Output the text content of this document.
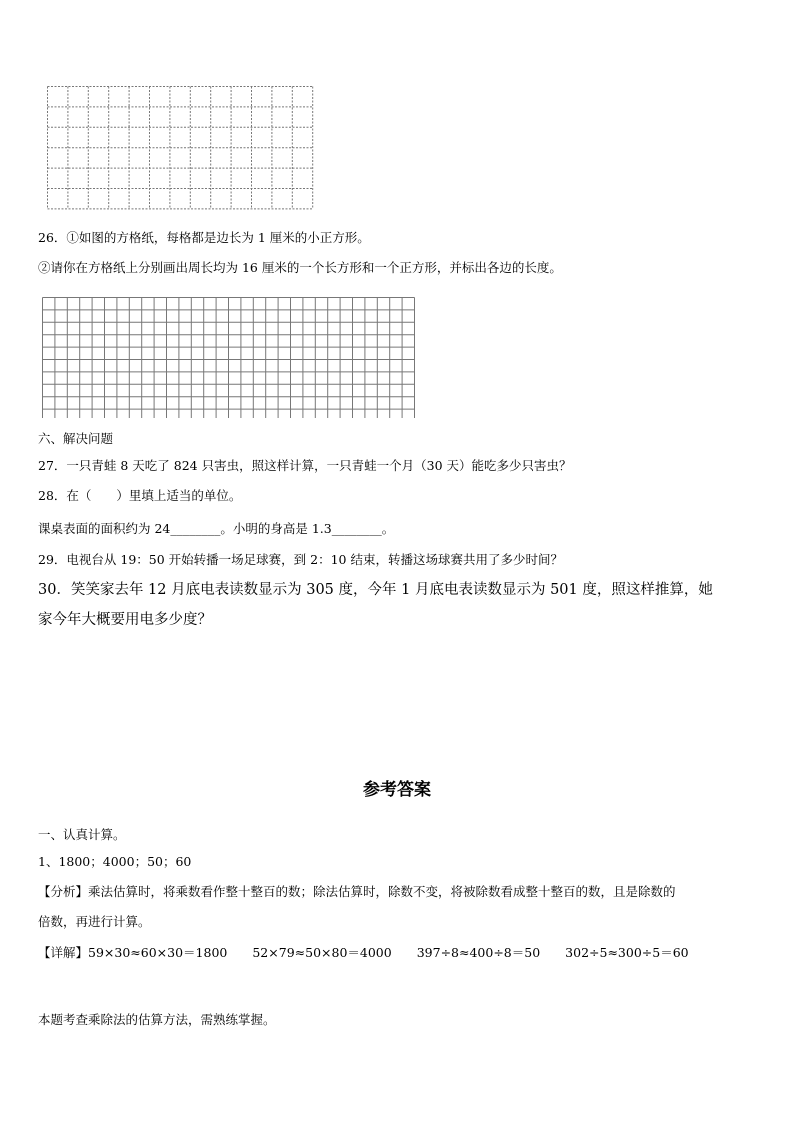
26．①如图的方格纸，每格都是边长为 1 厘米的小正方形。
②请你在方格纸上分别画出周长均为 16 厘米的一个长方形和一个正方形，并标出各边的长度。
六、解决问题
27．一只青蛙 8 天吃了 824 只害虫，照这样计算，一只青蛙一个月（30 天）能吃多少只害虫？
28．在（　　）里填上适当的单位。
课桌表面的面积约为 24________。小明的身高是 1.3________。
29．电视台从 19：50 开始转播一场足球赛，到 2：10 结束，转播这场球赛共用了多少时间？
30．笑笑家去年 12 月底电表读数显示为 305 度，今年 1 月底电表读数显示为 501 度，照这样推算，她
家今年大概要用电多少度？
参考答案
一、认真计算。
1、1800；4000；50；60
【分析】乘法估算时，将乘数看作整十整百的数；除法估算时，除数不变，将被除数看成整十整百的数，且是除数的
倍数，再进行计算。
【详解】59×30≈60×30＝1800　　52×79≈50×80＝4000　　397÷8≈400÷8＝50　　302÷5≈300÷5＝60
本题考查乘除法的估算方法，需熟练掌握。
